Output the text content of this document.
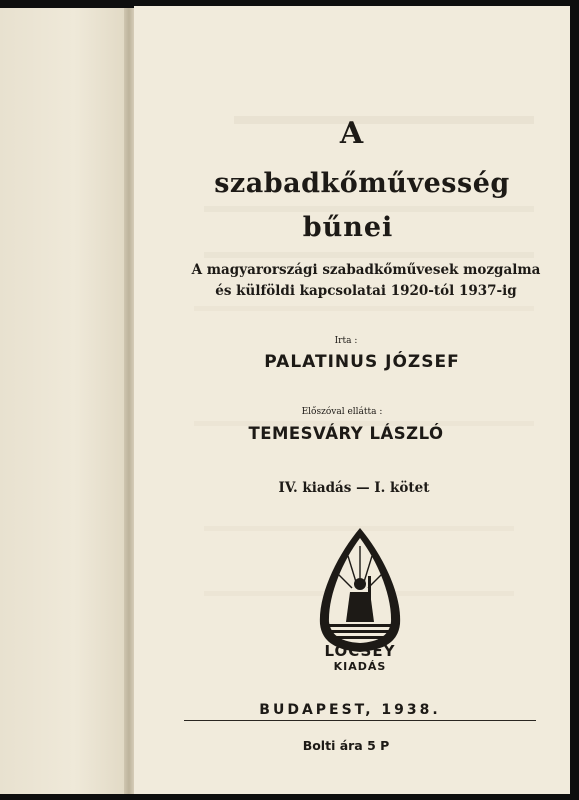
A
szabadkőművesség
bűnei
A magyarországi szabadkőművesek mozgalma
és külföldi kapcsolatai 1920-tól 1937-ig
Irta :
PALATINUS JÓZSEF
Előszóval ellátta :
TEMESVÁRY LÁSZLÓ
IV. kiadás — I. kötet
LÖCSEY
KIADÁS
BUDAPEST, 1938.
Bolti ára 5 P
